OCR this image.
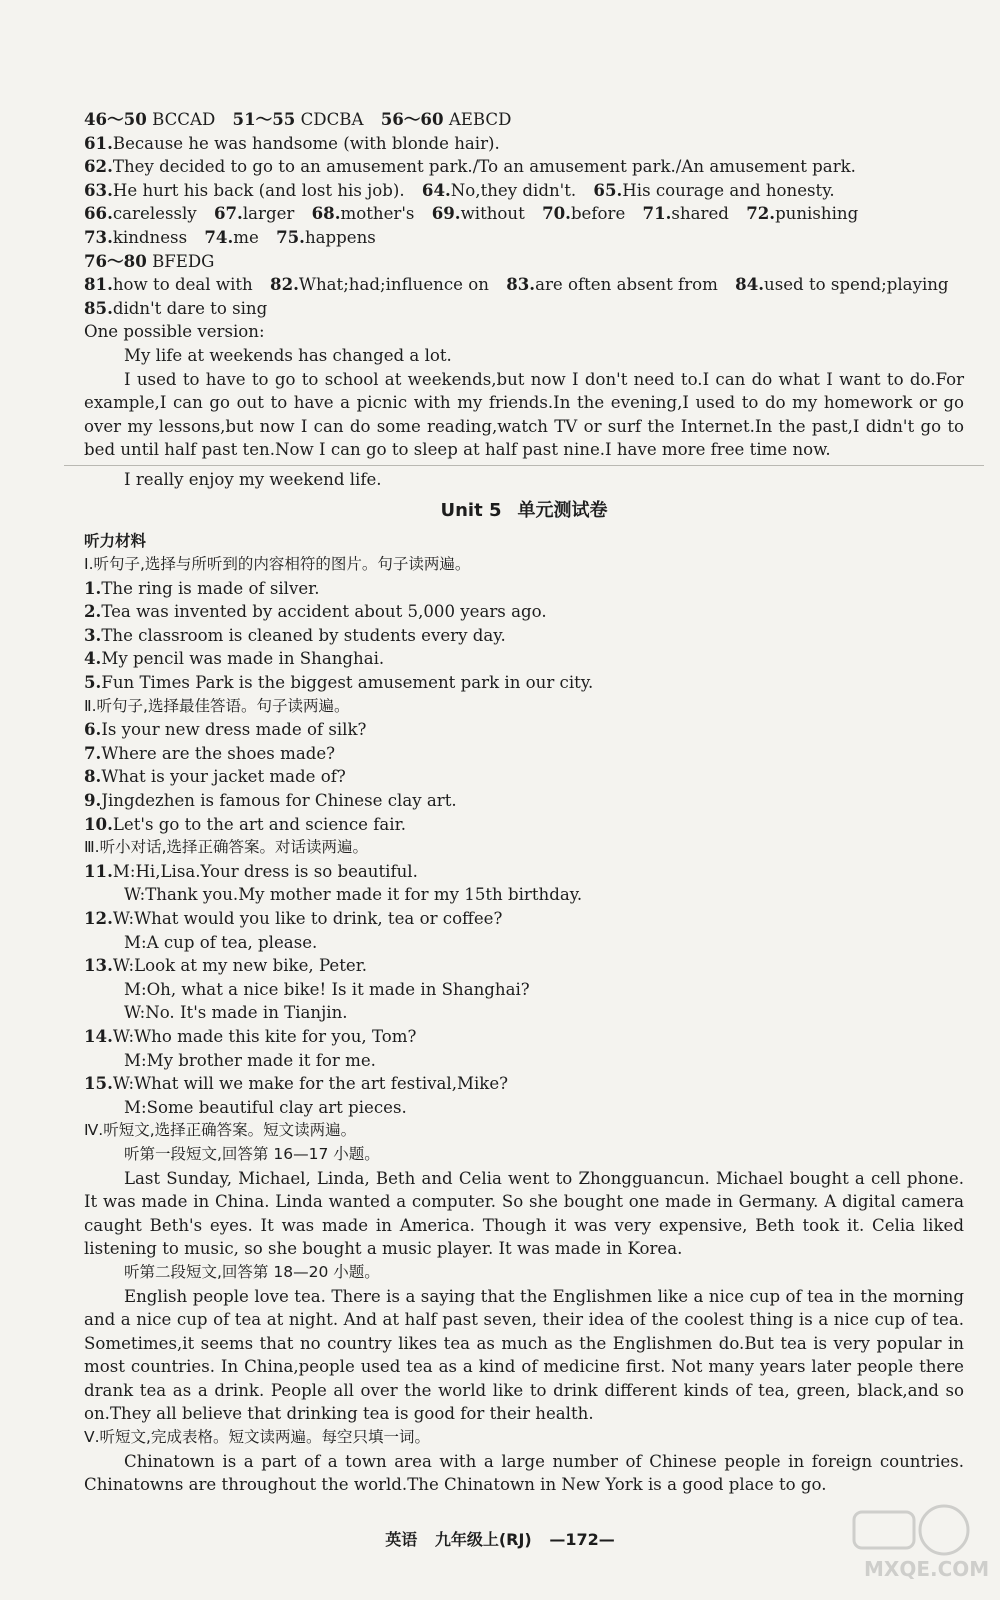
46～50 BCCAD 51～55 CDCBA 56～60 AEBCD
61.Because he was handsome (with blonde hair).
62.They decided to go to an amusement park./To an amusement park./An amusement park.
63.He hurt his back (and lost his job). 64.No,they didn't. 65.His courage and honesty.
66.carelessly 67.larger 68.mother's 69.without 70.before 71.shared 72.punishing
73.kindness 74.me 75.happens
76～80 BFEDG
81.how to deal with 82.What;had;influence on 83.are often absent from 84.used to spend;playing
85.didn't dare to sing
One possible version:
My life at weekends has changed a lot.
I used to have to go to school at weekends,but now I don't need to.I can do what I want to do.For example,I can go out to have a picnic with my friends.In the evening,I used to do my homework or go over my lessons,but now I can do some reading,watch TV or surf the Internet.In the past,I didn't go to bed until half past ten.Now I can go to sleep at half past nine.I have more free time now.
I really enjoy my weekend life.
Unit 5 单元测试卷
听力材料
Ⅰ.听句子,选择与所听到的内容相符的图片。句子读两遍。
1.The ring is made of silver.
2.Tea was invented by accident about 5,000 years ago.
3.The classroom is cleaned by students every day.
4.My pencil was made in Shanghai.
5.Fun Times Park is the biggest amusement park in our city.
Ⅱ.听句子,选择最佳答语。句子读两遍。
6.Is your new dress made of silk?
7.Where are the shoes made?
8.What is your jacket made of?
9.Jingdezhen is famous for Chinese clay art.
10.Let's go to the art and science fair.
Ⅲ.听小对话,选择正确答案。对话读两遍。
11.M:Hi,Lisa.Your dress is so beautiful.
W:Thank you.My mother made it for my 15th birthday.
12.W:What would you like to drink, tea or coffee?
M:A cup of tea, please.
13.W:Look at my new bike, Peter.
M:Oh, what a nice bike! Is it made in Shanghai?
W:No. It's made in Tianjin.
14.W:Who made this kite for you, Tom?
M:My brother made it for me.
15.W:What will we make for the art festival,Mike?
M:Some beautiful clay art pieces.
Ⅳ.听短文,选择正确答案。短文读两遍。
听第一段短文,回答第 16—17 小题。
Last Sunday, Michael, Linda, Beth and Celia went to Zhongguancun. Michael bought a cell phone. It was made in China. Linda wanted a computer. So she bought one made in Germany. A digital camera caught Beth's eyes. It was made in America. Though it was very expensive, Beth took it. Celia liked listening to music, so she bought a music player. It was made in Korea.
听第二段短文,回答第 18—20 小题。
English people love tea. There is a saying that the Englishmen like a nice cup of tea in the morning and a nice cup of tea at night. And at half past seven, their idea of the coolest thing is a nice cup of tea. Sometimes,it seems that no country likes tea as much as the Englishmen do.But tea is very popular in most countries. In China,people used tea as a kind of medicine first. Not many years later people there drank tea as a drink. People all over the world like to drink different kinds of tea, green, black,and so on.They all believe that drinking tea is good for their health.
Ⅴ.听短文,完成表格。短文读两遍。每空只填一词。
Chinatown is a part of a town area with a large number of Chinese people in foreign countries. Chinatowns are throughout the world.The Chinatown in New York is a good place to go.
英语 九年级上(RJ) —172—
MXQE.COM
